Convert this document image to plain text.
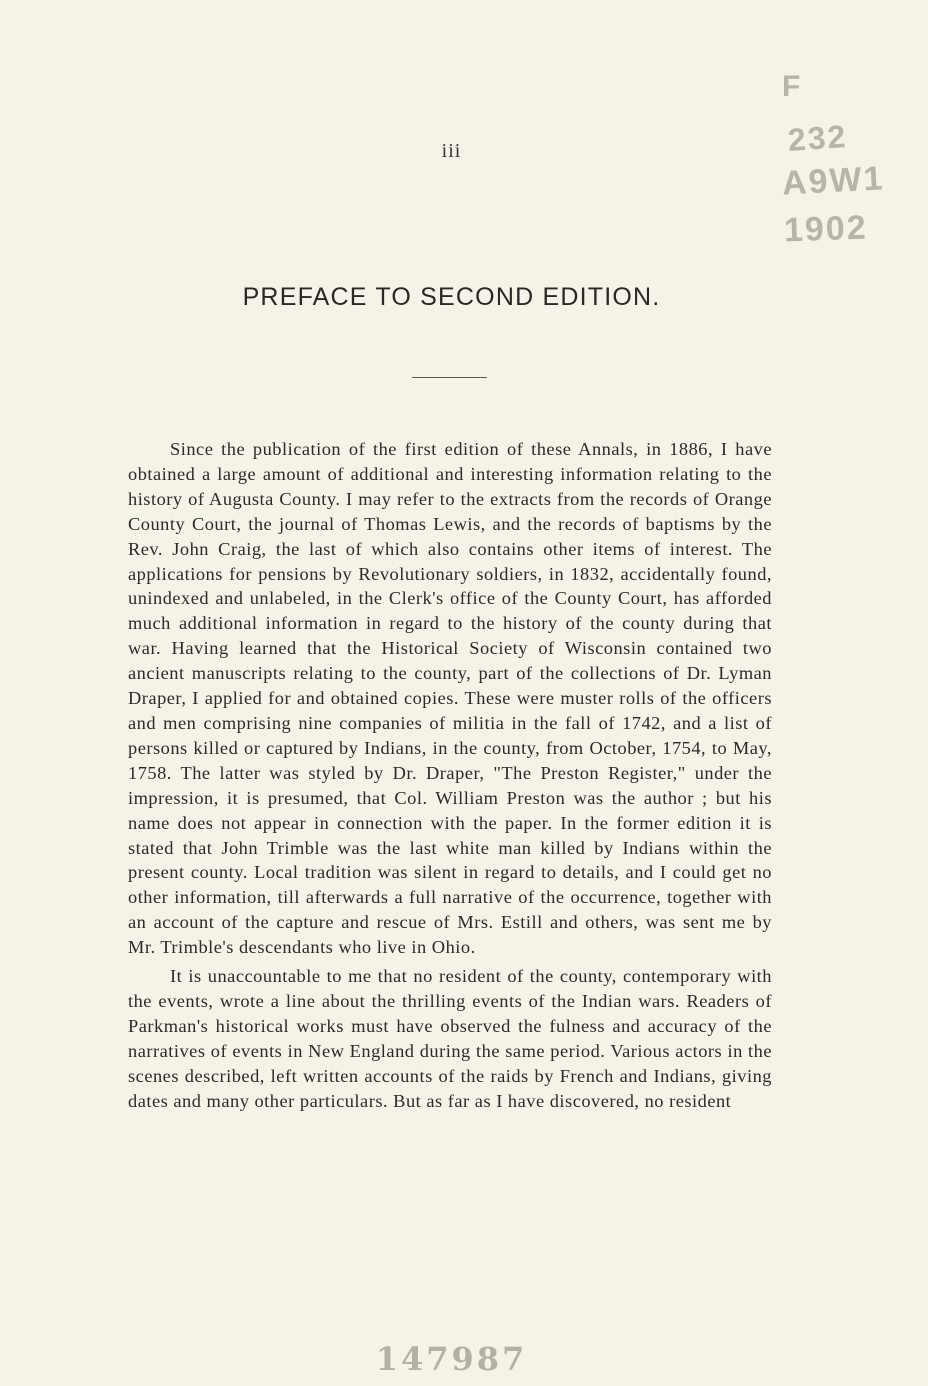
iii
F
232
A9W1
1902
PREFACE TO SECOND EDITION.

Since the publication of the first edition of these Annals, in 1886, I have obtained a large amount of additional and interesting information relating to the history of Augusta County. I may refer to the extracts from the records of Orange County Court, the journal of Thomas Lewis, and the records of baptisms by the Rev. John Craig, the last of which also contains other items of interest. The applications for pensions by Revolutionary soldiers, in 1832, accidentally found, unindexed and unlabeled, in the Clerk's office of the County Court, has afforded much additional information in regard to the history of the county during that war. Having learned that the Historical Society of Wisconsin contained two ancient manuscripts relating to the county, part of the collections of Dr. Lyman Draper, I applied for and obtained copies. These were muster rolls of the officers and men comprising nine companies of militia in the fall of 1742, and a list of persons killed or captured by Indians, in the county, from October, 1754, to May, 1758. The latter was styled by Dr. Draper, "The Preston Register," under the impression, it is presumed, that Col. William Preston was the author ; but his name does not appear in connection with the paper. In the former edition it is stated that John Trimble was the last white man killed by Indians within the present county. Local tradition was silent in regard to details, and I could get no other information, till afterwards a full narrative of the occurrence, together with an account of the capture and rescue of Mrs. Estill and others, was sent me by Mr. Trimble's descendants who live in Ohio.

It is unaccountable to me that no resident of the county, contemporary with the events, wrote a line about the thrilling events of the Indian wars. Readers of Parkman's historical works must have observed the fulness and accuracy of the narratives of events in New England during the same period. Various actors in the scenes described, left written accounts of the raids by French and Indians, giving dates and many other particulars. But as far as I have discovered, no resident

147987
